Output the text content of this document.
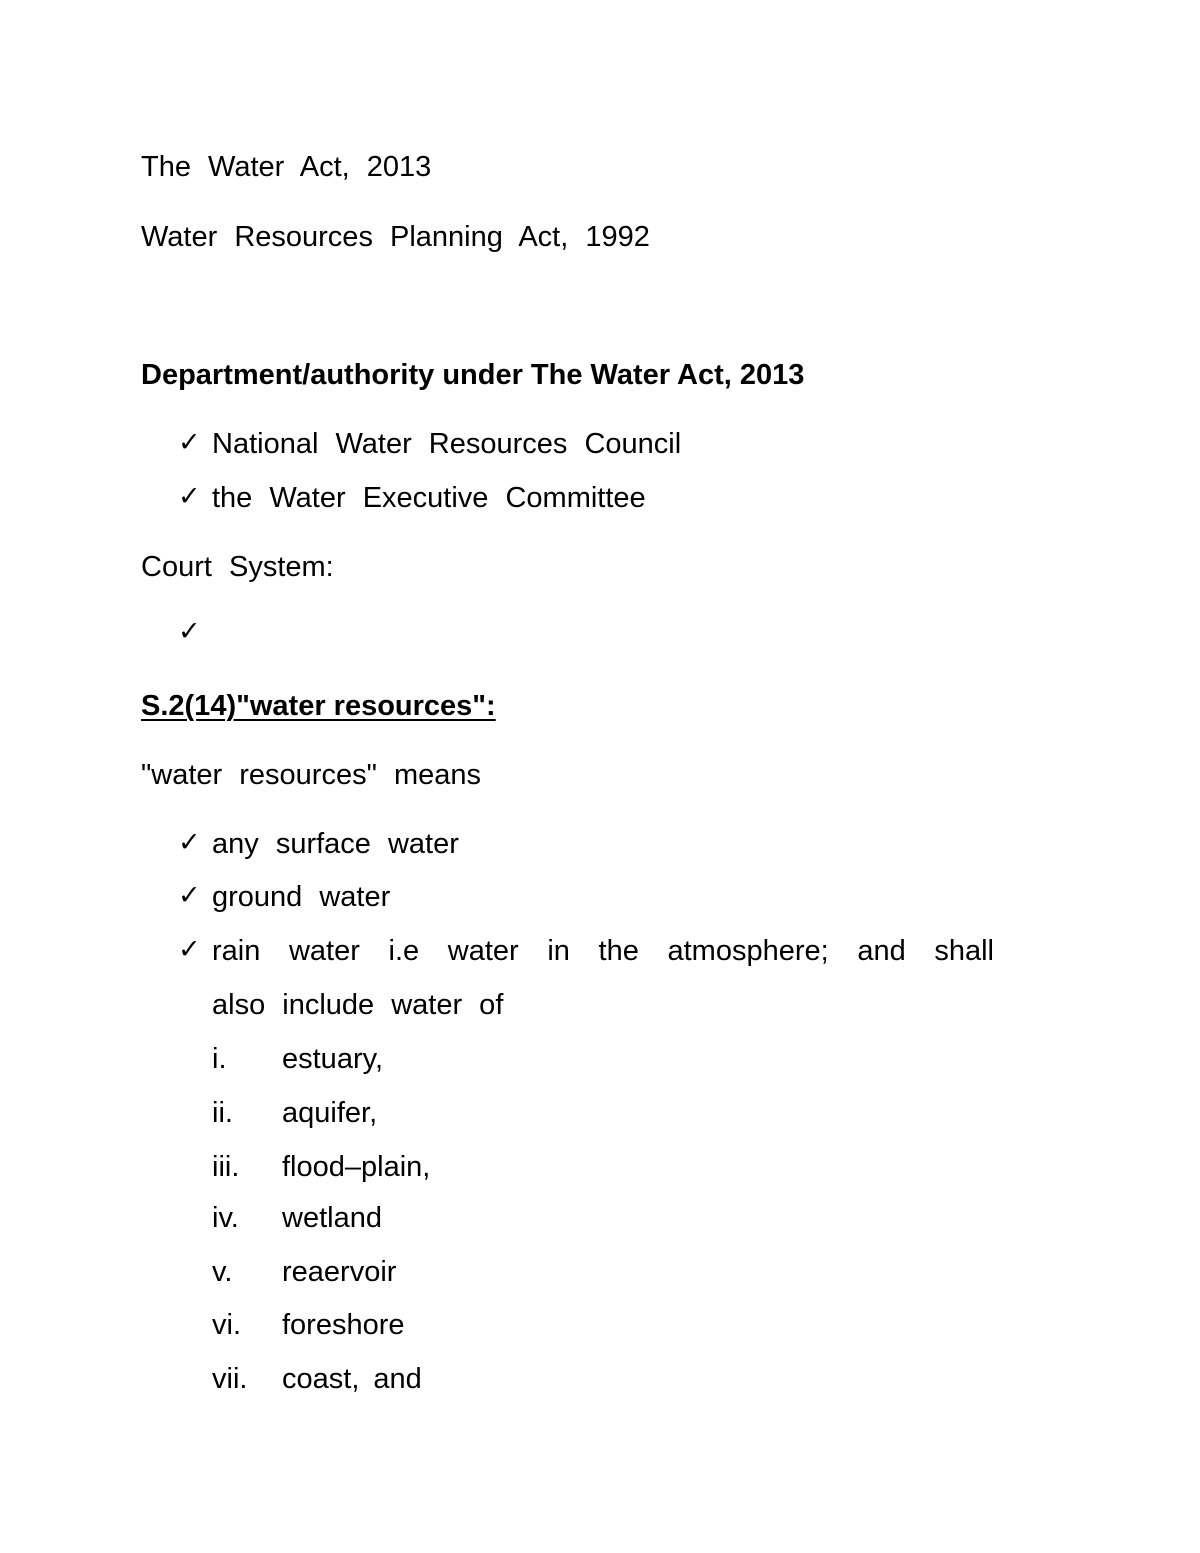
The Water Act, 2013
Water Resources Planning Act, 1992
Department/authority under The Water Act, 2013
✓ National Water Resources Council
✓ the Water Executive Committee
Court System:
✓
S.2(14)"water resources":
"water resources" means
✓ any surface water
✓ ground water
✓ rain water i.e water in the atmosphere; and shall
also include water of
i. estuary,
ii. aquifer,
iii. flood–plain,
iv. wetland
v. reaervoir
vi. foreshore
vii. coast, and
